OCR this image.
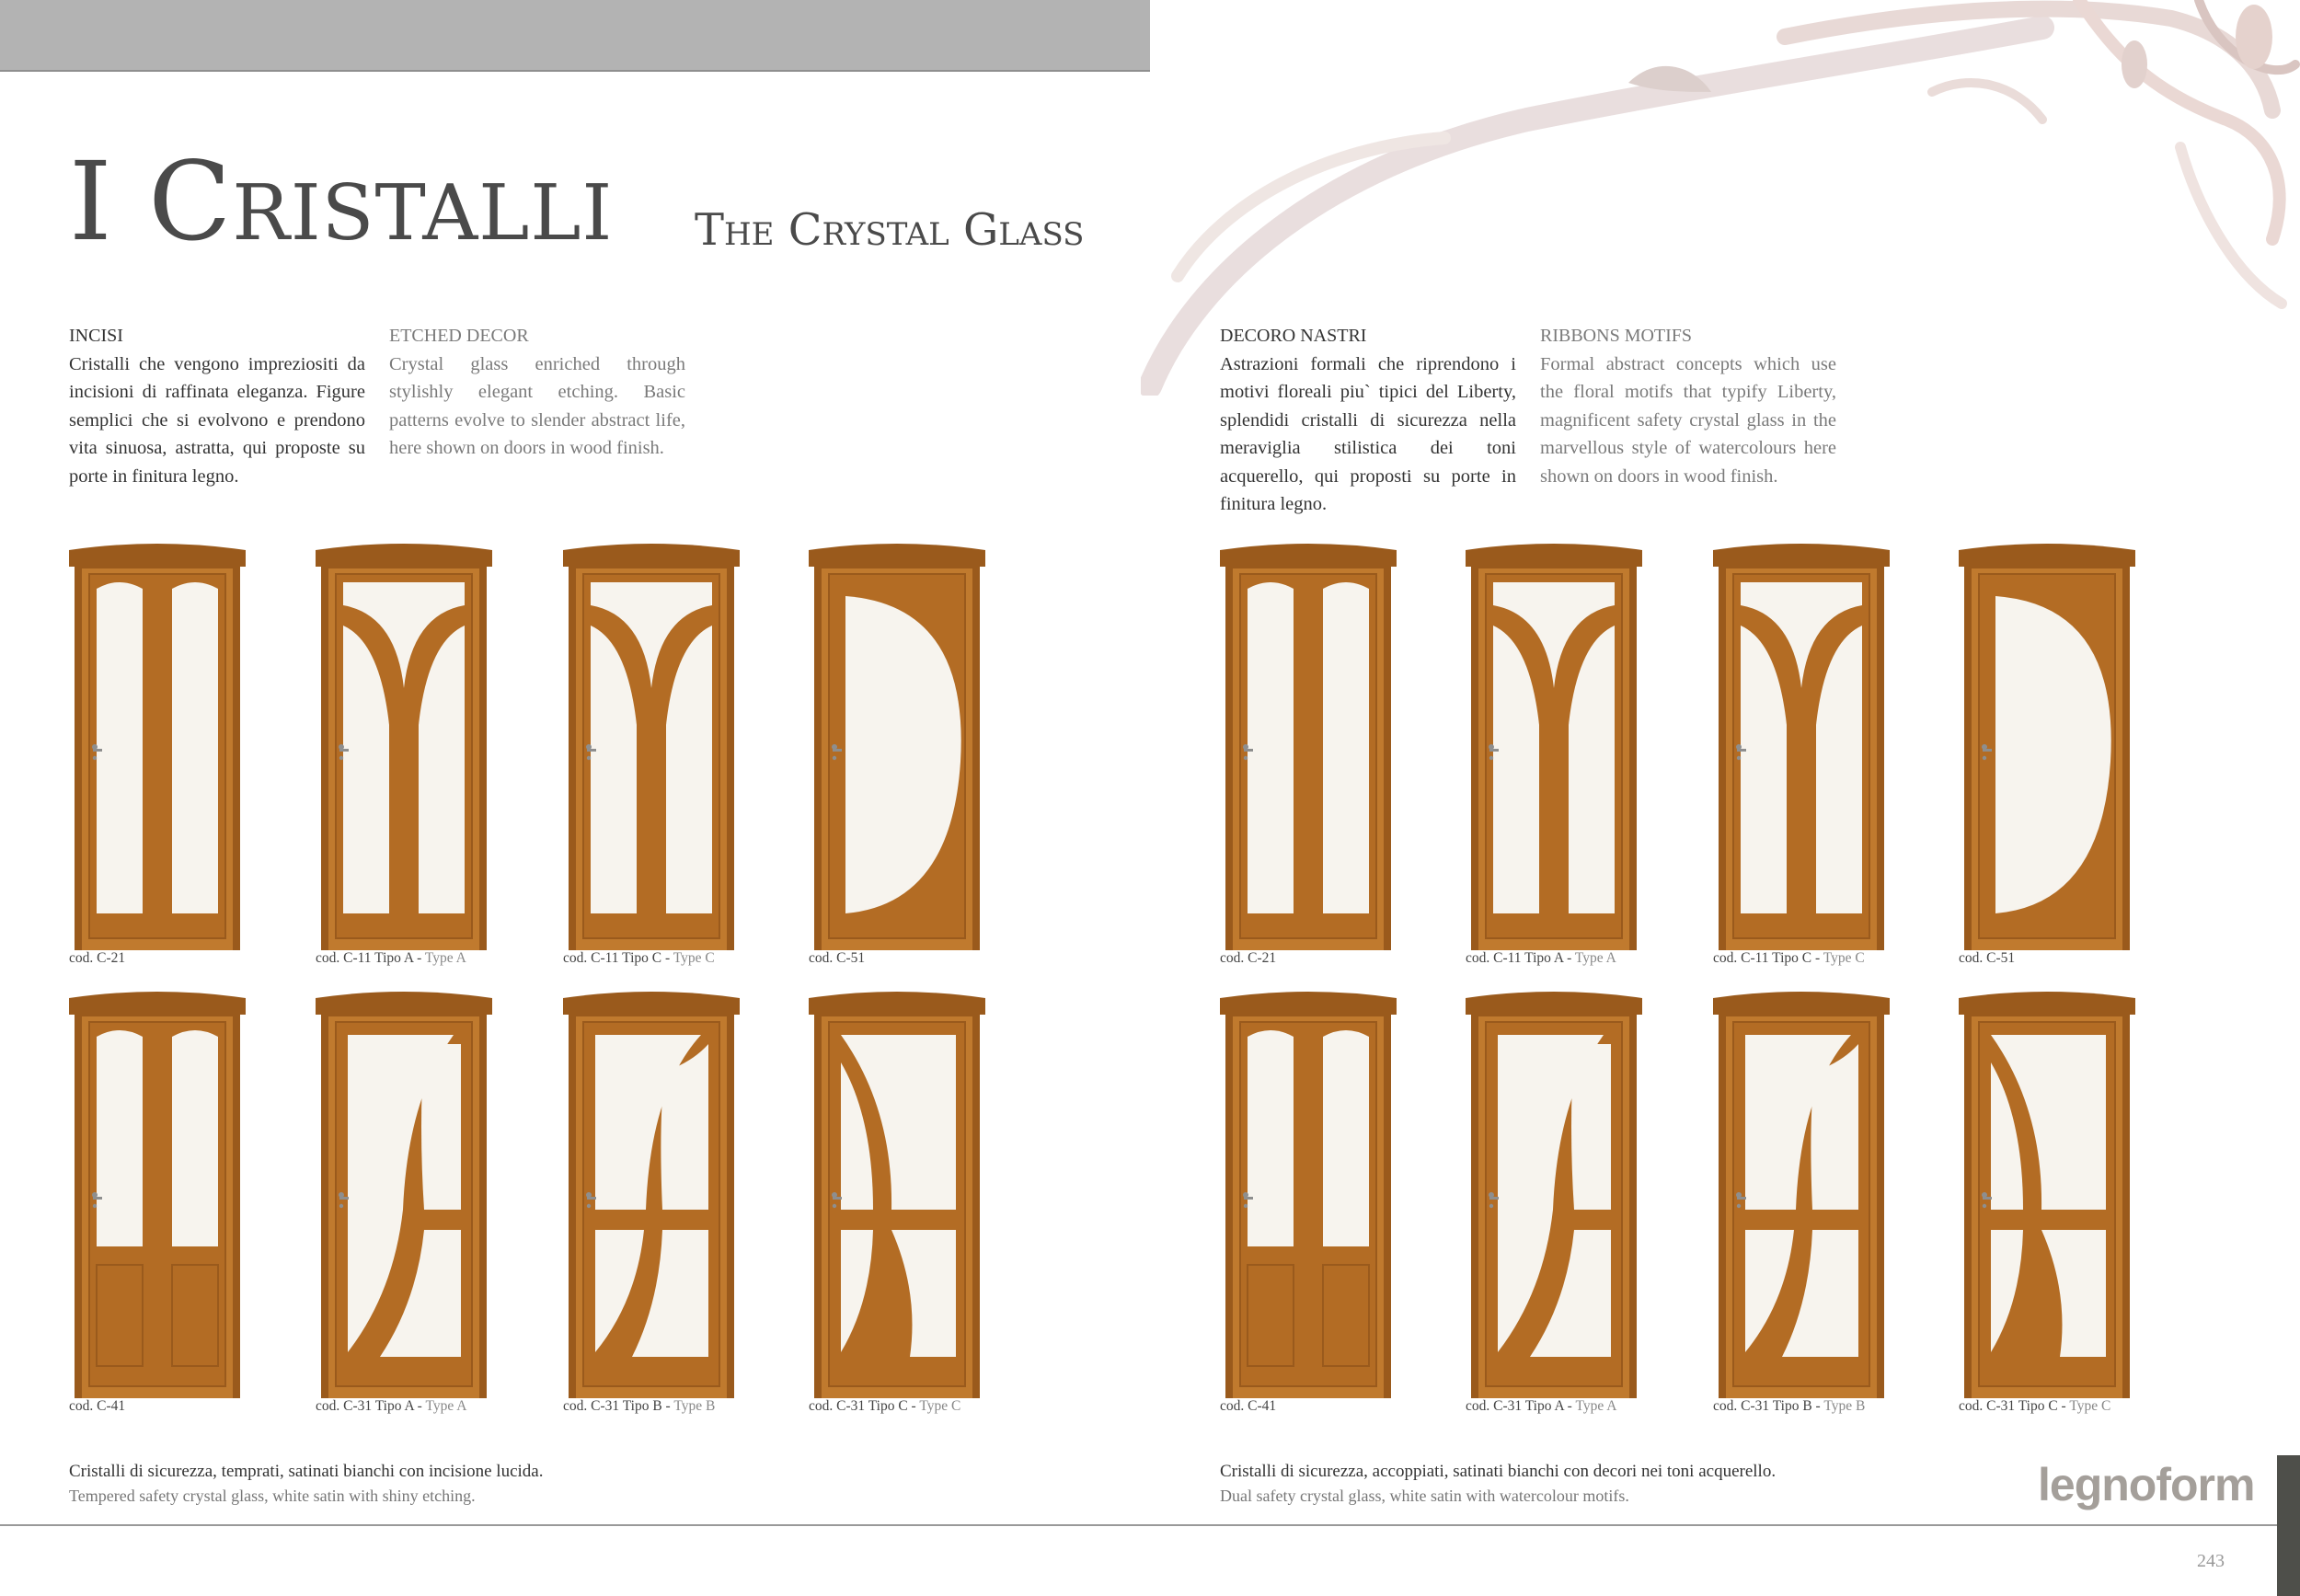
I Cristalli The Crystal Glass
INCISI
Cristalli che vengono impreziositi da incisioni di raffinata eleganza. Figure semplici che si evolvono e prendono vita sinuosa, astratta, qui proposte su porte in finitura legno.
ETCHED DECOR
Crystal glass enriched through stylishly elegant etching. Basic patterns evolve to slender abstract life, here shown on doors in wood finish.
DECORO NASTRI
Astrazioni formali che riprendono i motivi floreali piu` tipici del Liberty, splendidi cristalli di sicurezza nella meraviglia stilistica dei toni acquerello, qui proposti su porte in finitura legno.
RIBBONS MOTIFS
Formal abstract concepts which use the floral motifs that typify Liberty, magnificent safety crystal glass in the marvellous style of watercolours here shown on doors in wood finish.
cod. C-21	cod. C-11 Tipo A - Type A	cod. C-11 Tipo C - Type C	cod. C-51
cod. C-41	cod. C-31 Tipo A - Type A	cod. C-31 Tipo B - Type B	cod. C-31 Tipo C - Type C
cod. C-21	cod. C-11 Tipo A - Type A	cod. C-11 Tipo C - Type C	cod. C-51
cod. C-41	cod. C-31 Tipo A - Type A	cod. C-31 Tipo B - Type B	cod. C-31 Tipo C - Type C
Cristalli di sicurezza, temprati, satinati bianchi con incisione lucida.
Tempered safety crystal glass, white satin with shiny etching.
Cristalli di sicurezza, accoppiati, satinati bianchi con decori nei toni acquerello.
Dual safety crystal glass, white satin with watercolour motifs.	legnoform
243
